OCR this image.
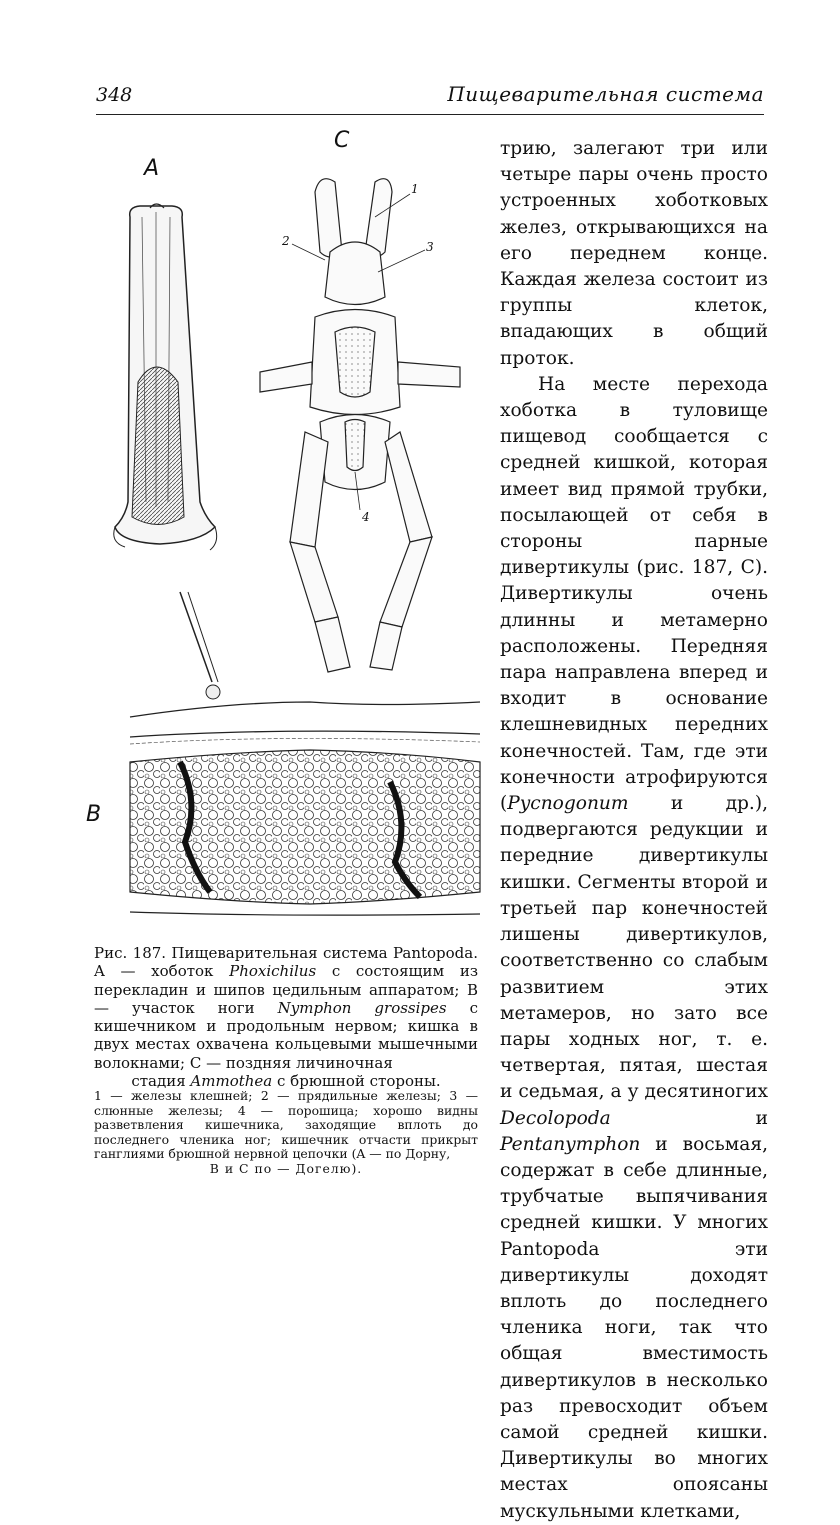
348	Пищеварительная система
A
C
B
1
2	3
4

трию, залегают три или четыре пары очень просто устроенных хоботковых желез, открывающихся на его переднем конце. Каждая железа состоит из группы клеток, впадающих в общий проток.

На месте перехода хоботка в туловище пищевод сообщается с средней кишкой, которая имеет вид прямой трубки, посылающей от себя в стороны парные дивертикулы (рис. 187, C). Дивертикулы очень длинны и метамерно расположены. Передняя пара направлена вперед и входит в основание клешневидных передних конечностей. Там, где эти конечности атрофируются (Pycnogonum и др.), подвергаются редукции и передние дивертикулы кишки. Сегменты второй и третьей пар конечностей лишены дивертикулов, соответственно со слабым развитием этих метамеров, но зато все пары ходных ног, т. е. четвертая, пятая, шестая и седьмая, а у десятиногих Decolopoda и Pentanymphon и восьмая, содержат в себе длинные, трубчатые выпячивания средней кишки. У многих Pantopoda эти дивертикулы доходят вплоть до последнего членика ноги, так что общая вместимость дивертикулов в несколько раз превосходит объем самой средней кишки. Дивертикулы во многих местах опоясаны мускульными клетками,

Рис. 187. Пищеварительная система Pantopoda. A — хоботок Phoxichilus с состоящим из перекладин и шипов цедильным аппаратом; B — участок ноги Nymphon grossipes с кишечником и продольным нервом; кишка в двух местах охвачена кольцевыми мышечными волокнами; C — поздняя личиночная
стадия Ammothea с брюшной стороны.
1 — железы клешней; 2 — прядильные железы; 3 — слюнные железы; 4 — порошица; хорошо видны разветвления кишечника, заходящие вплоть до последнего членика ног; кишечник отчасти прикрыт ганглиями брюшной нервной цепочки (A — по Дорну,
B и C по — Догелю).
